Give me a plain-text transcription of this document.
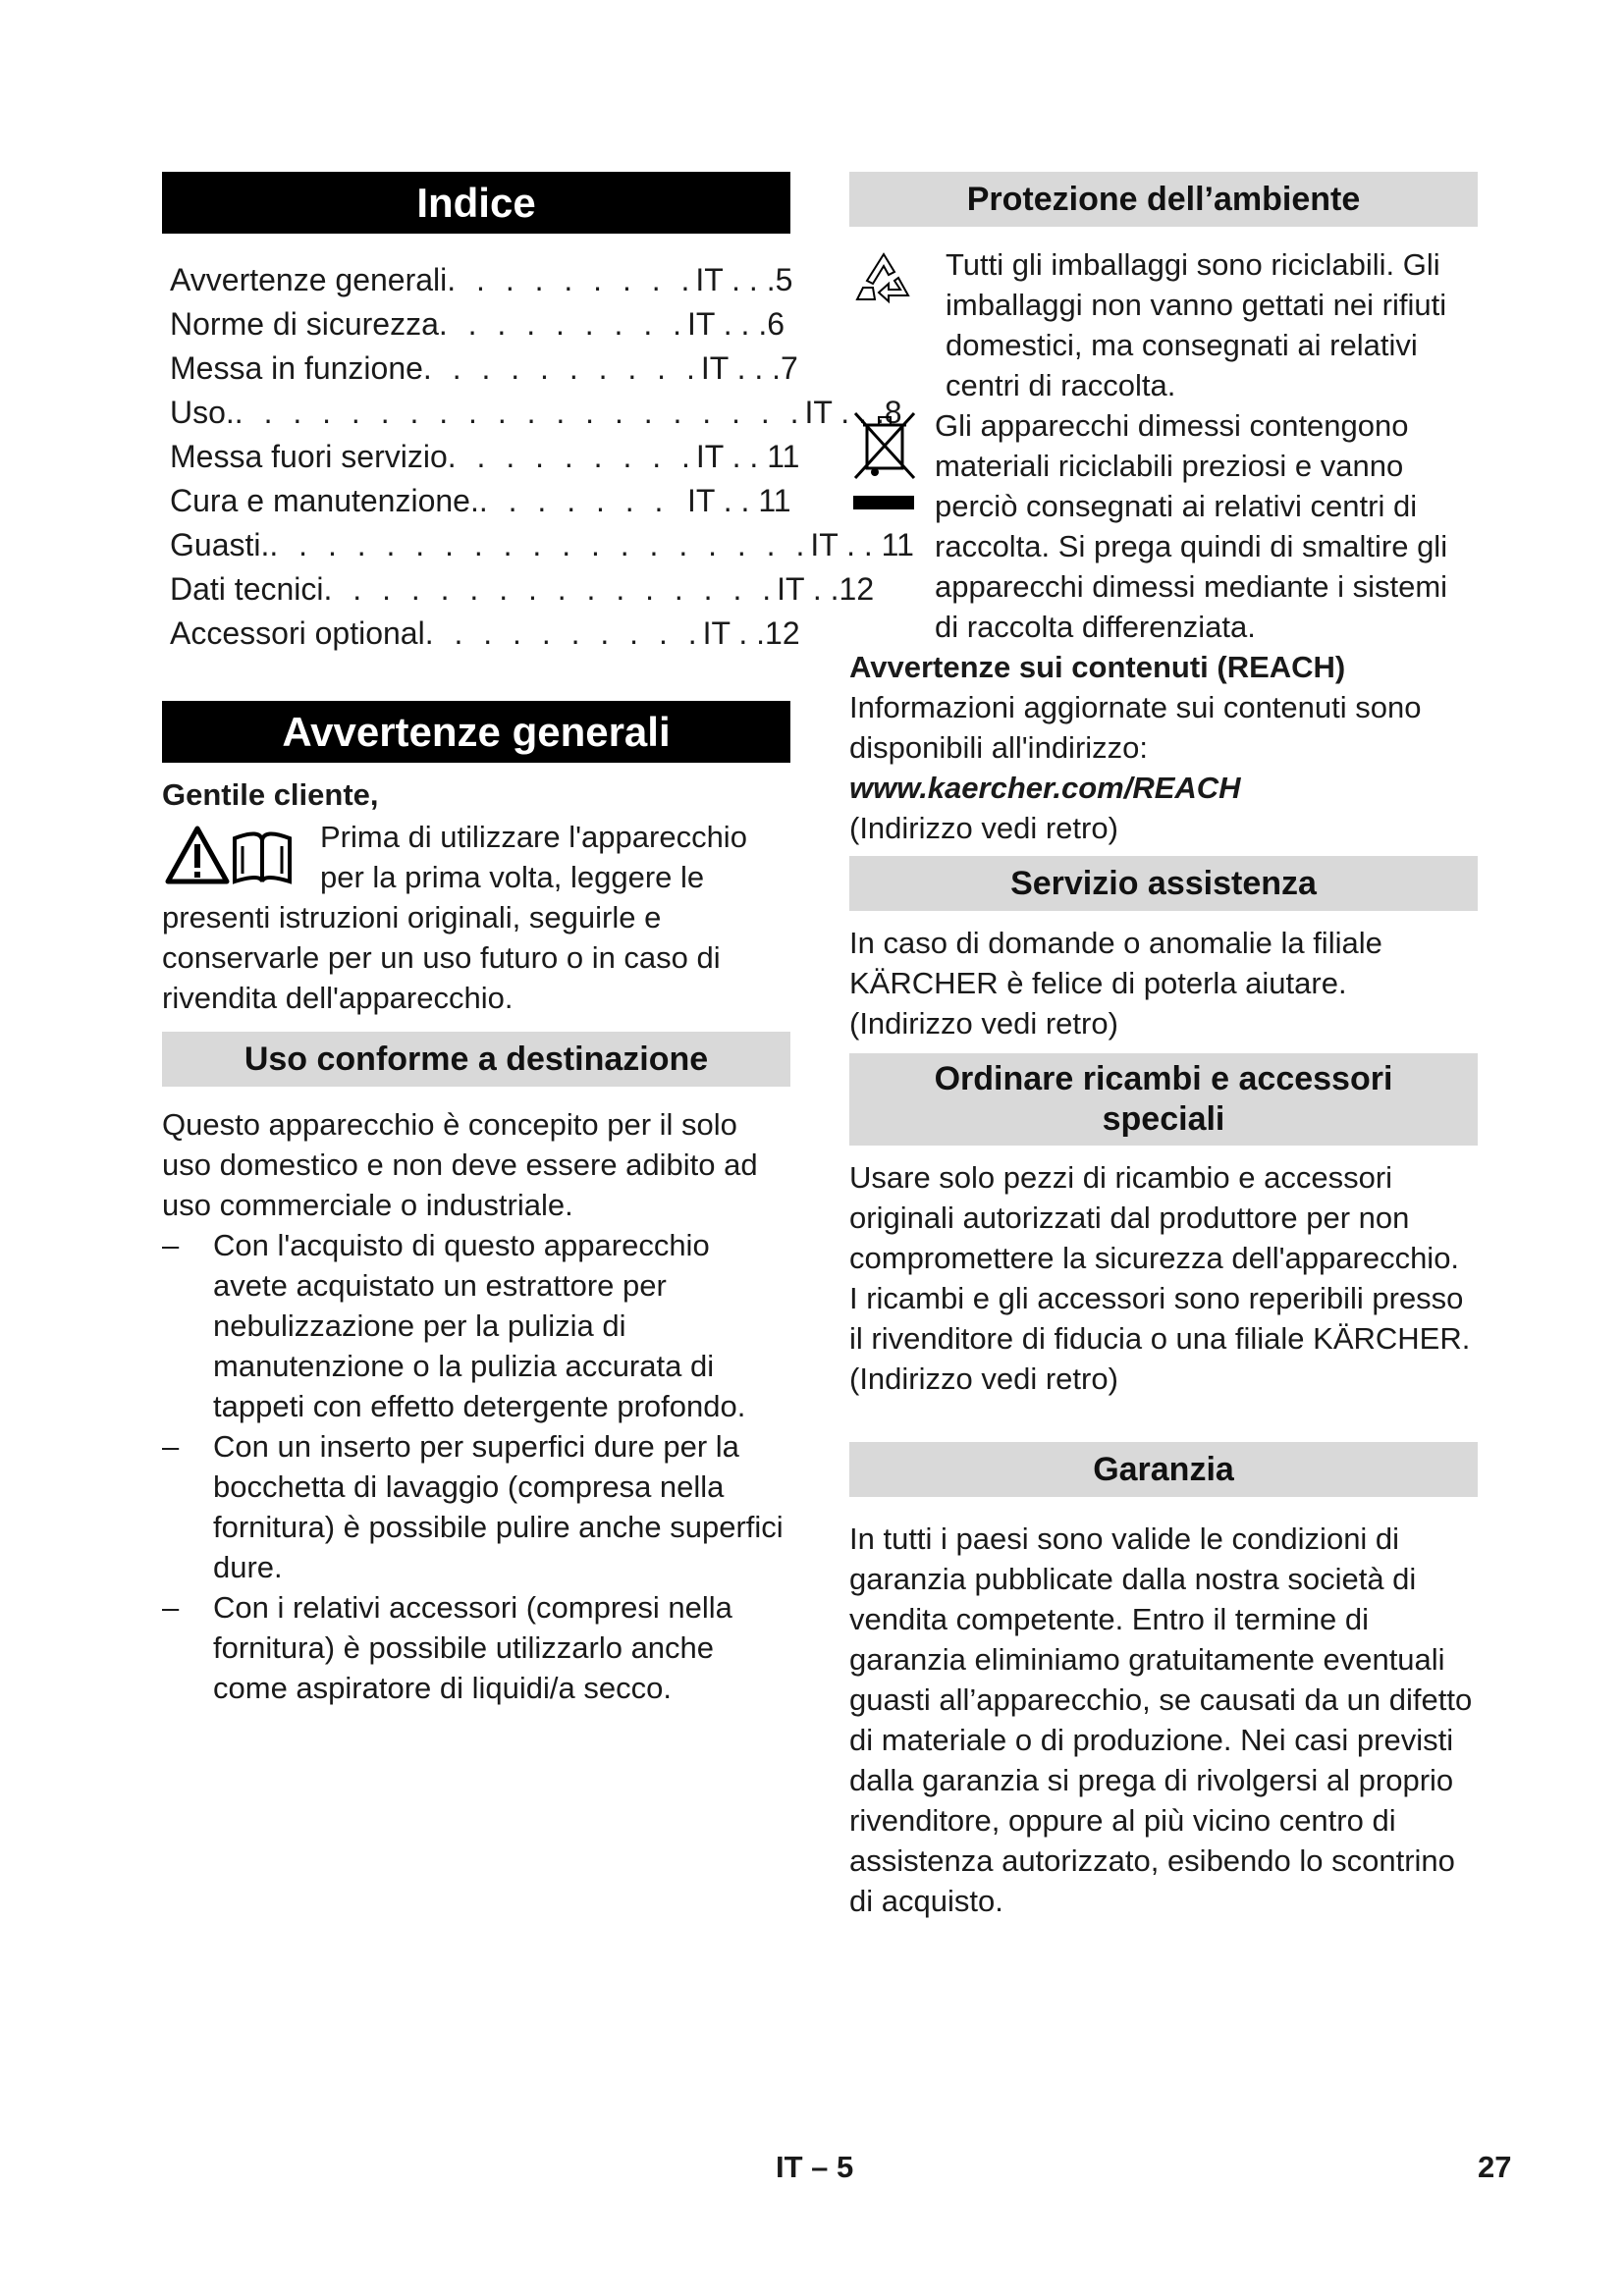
Indice
Avvertenze generali . . . . . . . . . IT . . .5
Norme di sicurezza . . . . . . . . . IT . . .6
Messa in funzione . . . . . . . . . . IT . . .7
Uso. . . . . . . . . . . . . . . . . . . . . IT . . .8
Messa fuori servizio . . . . . . . . . IT . . 11
Cura e manutenzione. . . . . . . . IT . . 11
Guasti. . . . . . . . . . . . . . . . . . . . IT . . 11
Dati tecnici . . . . . . . . . . . . . . . . IT . .12
Accessori optional . . . . . . . . . . IT . .12
Avvertenze generali

Gentile cliente,

Prima di utilizzare l'apparecchio

per la prima volta, leggere le

presenti istruzioni originali, seguirle e conservarle per un uso futuro o in caso di rivendita dell'apparecchio.

Uso conforme a destinazione

Questo apparecchio è concepito per il solo uso domestico e non deve essere adibito ad uso commerciale o industriale.

–	Con l'acquisto di questo apparecchio avete acquistato un estrattore per nebulizzazione per la pulizia di manutenzione o la pulizia accurata di tappeti con effetto detergente profondo.
–	Con un inserto per superfici dure per la bocchetta di lavaggio (compresa nella fornitura) è possibile pulire anche superfici dure.
–	Con i relativi accessori (compresi nella fornitura) è possibile utilizzarlo anche come aspiratore di liquidi/a secco.
Protezione dell’ambiente

Tutti gli imballaggi sono riciclabili. Gli imballaggi non vanno gettati nei rifiuti domestici, ma consegnati ai relativi centri di raccolta.

Gli apparecchi dimessi contengono materiali riciclabili preziosi e vanno perciò consegnati ai relativi centri di raccolta. Si prega quindi di smaltire gli apparecchi dimessi mediante i sistemi di raccolta differenziata.

Avvertenze sui contenuti (REACH)

Informazioni aggiornate sui contenuti sono disponibili all'indirizzo:

www.kaercher.com/REACH

(Indirizzo vedi retro)

Servizio assistenza

In caso di domande o anomalie la filiale KÄRCHER è felice di poterla aiutare.

(Indirizzo vedi retro)

Ordinare ricambi e accessori speciali

Usare solo pezzi di ricambio e accessori originali autorizzati dal produttore per non compromettere la sicurezza dell'apparecchio.

I ricambi e gli accessori sono reperibili presso il rivenditore di fiducia o una filiale KÄRCHER.

(Indirizzo vedi retro)

Garanzia

In tutti i paesi sono valide le condizioni di garanzia pubblicate dalla nostra società di vendita competente. Entro il termine di garanzia eliminiamo gratuitamente eventuali guasti all’apparecchio, se causati da un difetto di materiale o di produzione. Nei casi previsti dalla garanzia si prega di rivolgersi al proprio rivenditore, oppure al più vicino centro di assistenza autorizzato, esibendo lo scontrino di acquisto.

IT – 5	27
